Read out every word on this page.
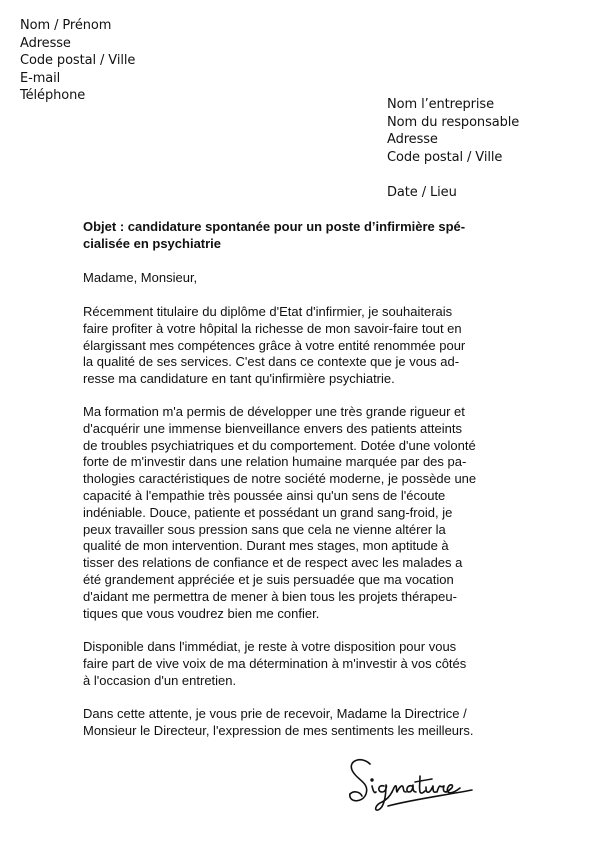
Nom / Prénom
Adresse
Code postal / Ville
E-mail
Téléphone
Nom l’entreprise
Nom du responsable
Adresse
Code postal / Ville
Date / Lieu
Objet : candidature spontanée pour un poste d’infirmière spé-
cialisée en psychiatrie
Madame, Monsieur,
Récemment titulaire du diplôme d'Etat d'infirmier, je souhaiterais
faire profiter à votre hôpital la richesse de mon savoir-faire tout en
élargissant mes compétences grâce à votre entité renommée pour
la qualité de ses services. C'est dans ce contexte que je vous ad-
resse ma candidature en tant qu'infirmière psychiatrie.
Ma formation m'a permis de développer une très grande rigueur et
d'acquérir une immense bienveillance envers des patients atteints
de troubles psychiatriques et du comportement. Dotée d'une volonté
forte de m'investir dans une relation humaine marquée par des pa-
thologies caractéristiques de notre société moderne, je possède une
capacité à l'empathie très poussée ainsi qu'un sens de l'écoute
indéniable. Douce, patiente et possédant un grand sang-froid, je
peux travailler sous pression sans que cela ne vienne altérer la
qualité de mon intervention. Durant mes stages, mon aptitude à
tisser des relations de confiance et de respect avec les malades a
été grandement appréciée et je suis persuadée que ma vocation
d'aidant me permettra de mener à bien tous les projets thérapeu-
tiques que vous voudrez bien me confier.
Disponible dans l'immédiat, je reste à votre disposition pour vous
faire part de vive voix de ma détermination à m'investir à vos côtés
à l'occasion d'un entretien.
Dans cette attente, je vous prie de recevoir, Madame la Directrice /
Monsieur le Directeur, l'expression de mes sentiments les meilleurs.
